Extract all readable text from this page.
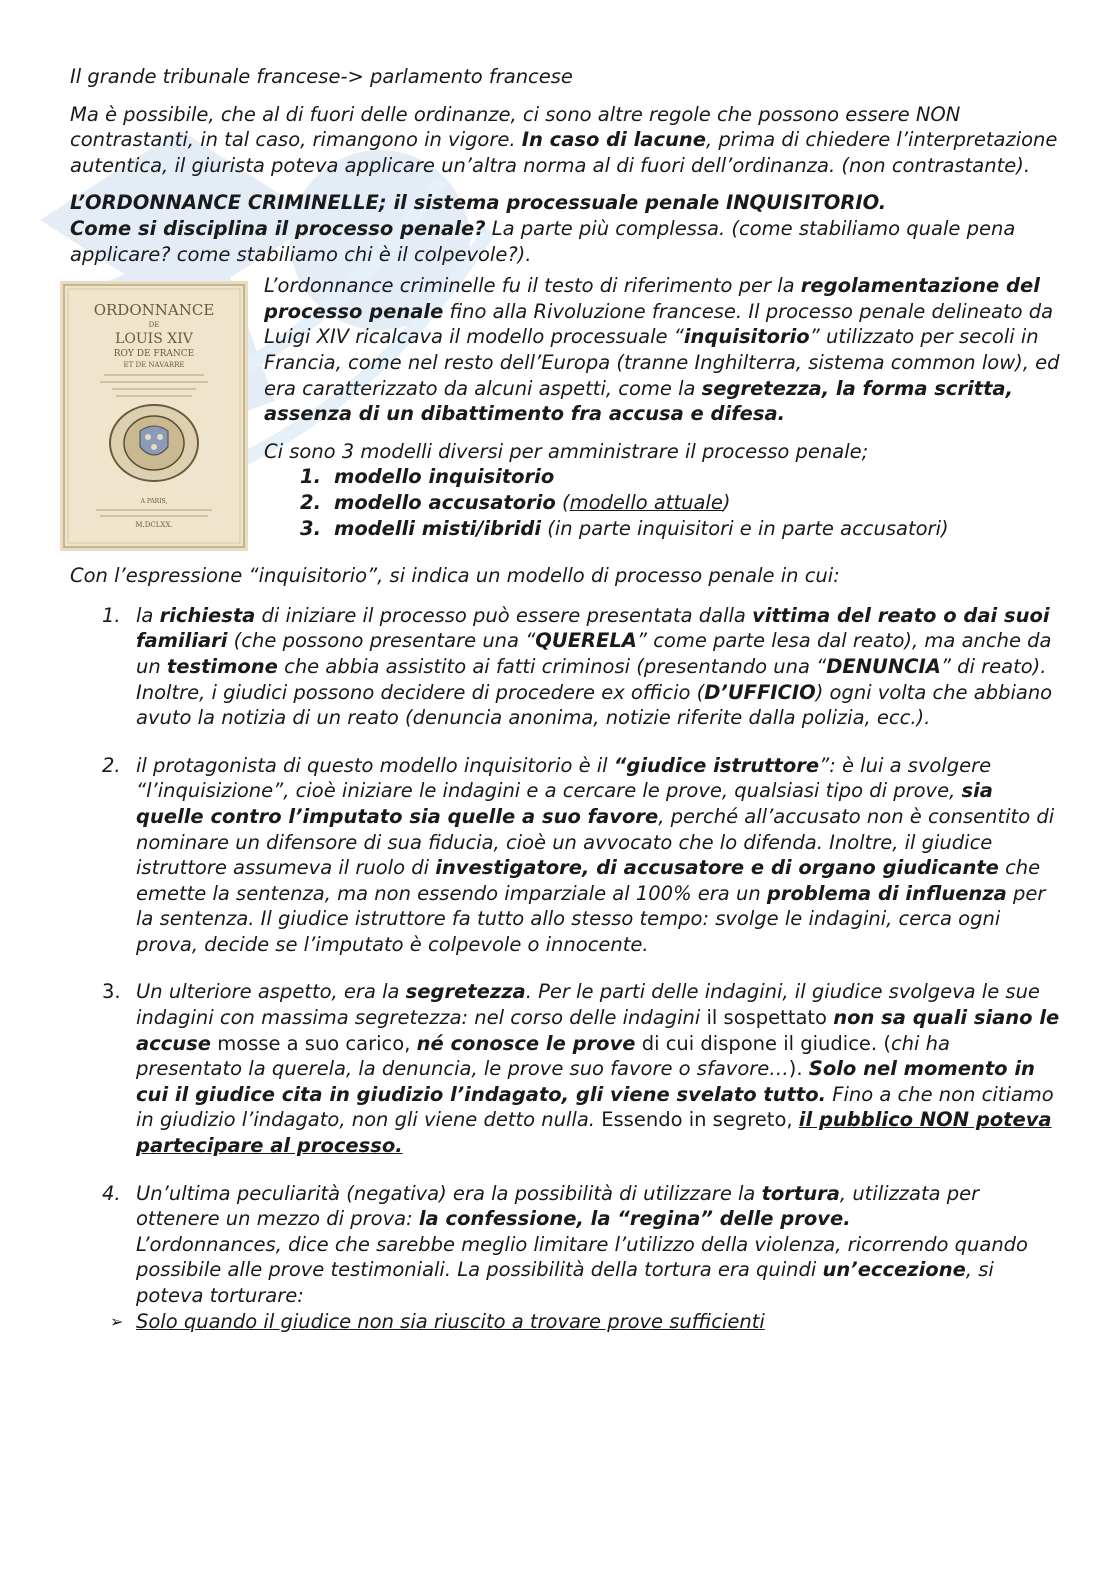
Il grande tribunale francese-> parlamento francese

Ma è possibile, che al di fuori delle ordinanze, ci sono altre regole che possono essere NON contrastanti, in tal caso, rimangono in vigore. In caso di lacune, prima di chiedere l’interpretazione autentica, il giurista poteva applicare un’altra norma al di fuori dell’ordinanza. (non contrastante).

L’ORDONNANCE CRIMINELLE; il sistema processuale penale INQUISITORIO.

Come si disciplina il processo penale? La parte più complessa. (come stabiliamo quale pena applicare? come stabiliamo chi è il colpevole?).

ORDONNANCE
DE
LOUIS XIV
ROY DE FRANCE
ET DE NAVARRE
A PARIS,
M.DCLXX.

L’ordonnance criminelle fu il testo di riferimento per la regolamentazione del processo penale fino alla Rivoluzione francese. Il processo penale delineato da Luigi XIV ricalcava il modello processuale “inquisitorio” utilizzato per secoli in Francia, come nel resto dell’Europa (tranne Inghilterra, sistema common low), ed era caratterizzato da alcuni aspetti, come la segretezza, la forma scritta, assenza di un dibattimento fra accusa e difesa.

Ci sono 3 modelli diversi per amministrare il processo penale;

1. modello inquisitorio
2. modello accusatorio (modello attuale)
3. modelli misti/ibridi (in parte inquisitori e in parte accusatori)

Con l’espressione “inquisitorio”, si indica un modello di processo penale in cui:

1. la richiesta di iniziare il processo può essere presentata dalla vittima del reato o dai suoi familiari (che possono presentare una “QUERELA” come parte lesa dal reato), ma anche da un testimone che abbia assistito ai fatti criminosi (presentando una “DENUNCIA” di reato).
Inoltre, i giudici possono decidere di procedere ex officio (D’UFFICIO) ogni volta che abbiano avuto la notizia di un reato (denuncia anonima, notizie riferite dalla polizia, ecc.).
2. il protagonista di questo modello inquisitorio è il “giudice istruttore”: è lui a svolgere “l’inquisizione”, cioè iniziare le indagini e a cercare le prove, qualsiasi tipo di prove, sia quelle contro l’imputato sia quelle a suo favore, perché all’accusato non è consentito di nominare un difensore di sua fiducia, cioè un avvocato che lo difenda. Inoltre, il giudice istruttore assumeva il ruolo di investigatore, di accusatore e di organo giudicante che emette la sentenza, ma non essendo imparziale al 100% era un problema di influenza per la sentenza. Il giudice istruttore fa tutto allo stesso tempo: svolge le indagini, cerca ogni prova, decide se l’imputato è colpevole o innocente.
3. Un ulteriore aspetto, era la segretezza. Per le parti delle indagini, il giudice svolgeva le sue indagini con massima segretezza: nel corso delle indagini il sospettato non sa quali siano le accuse mosse a suo carico, né conosce le prove di cui dispone il giudice. (chi ha presentato la querela, la denuncia, le prove suo favore o sfavore…). Solo nel momento in cui il giudice cita in giudizio l’indagato, gli viene svelato tutto. Fino a che non citiamo in giudizio l’indagato, non gli viene detto nulla. Essendo in segreto, il pubblico NON poteva partecipare al processo.
4. Un’ultima peculiarità (negativa) era la possibilità di utilizzare la tortura, utilizzata per ottenere un mezzo di prova: la confessione, la “regina” delle prove.
L’ordonnances, dice che sarebbe meglio limitare l’utilizzo della violenza, ricorrendo quando possibile alle prove testimoniali. La possibilità della tortura era quindi un’eccezione, si poteva torturare:

➢ Solo quando il giudice non sia riuscito a trovare prove sufficienti
